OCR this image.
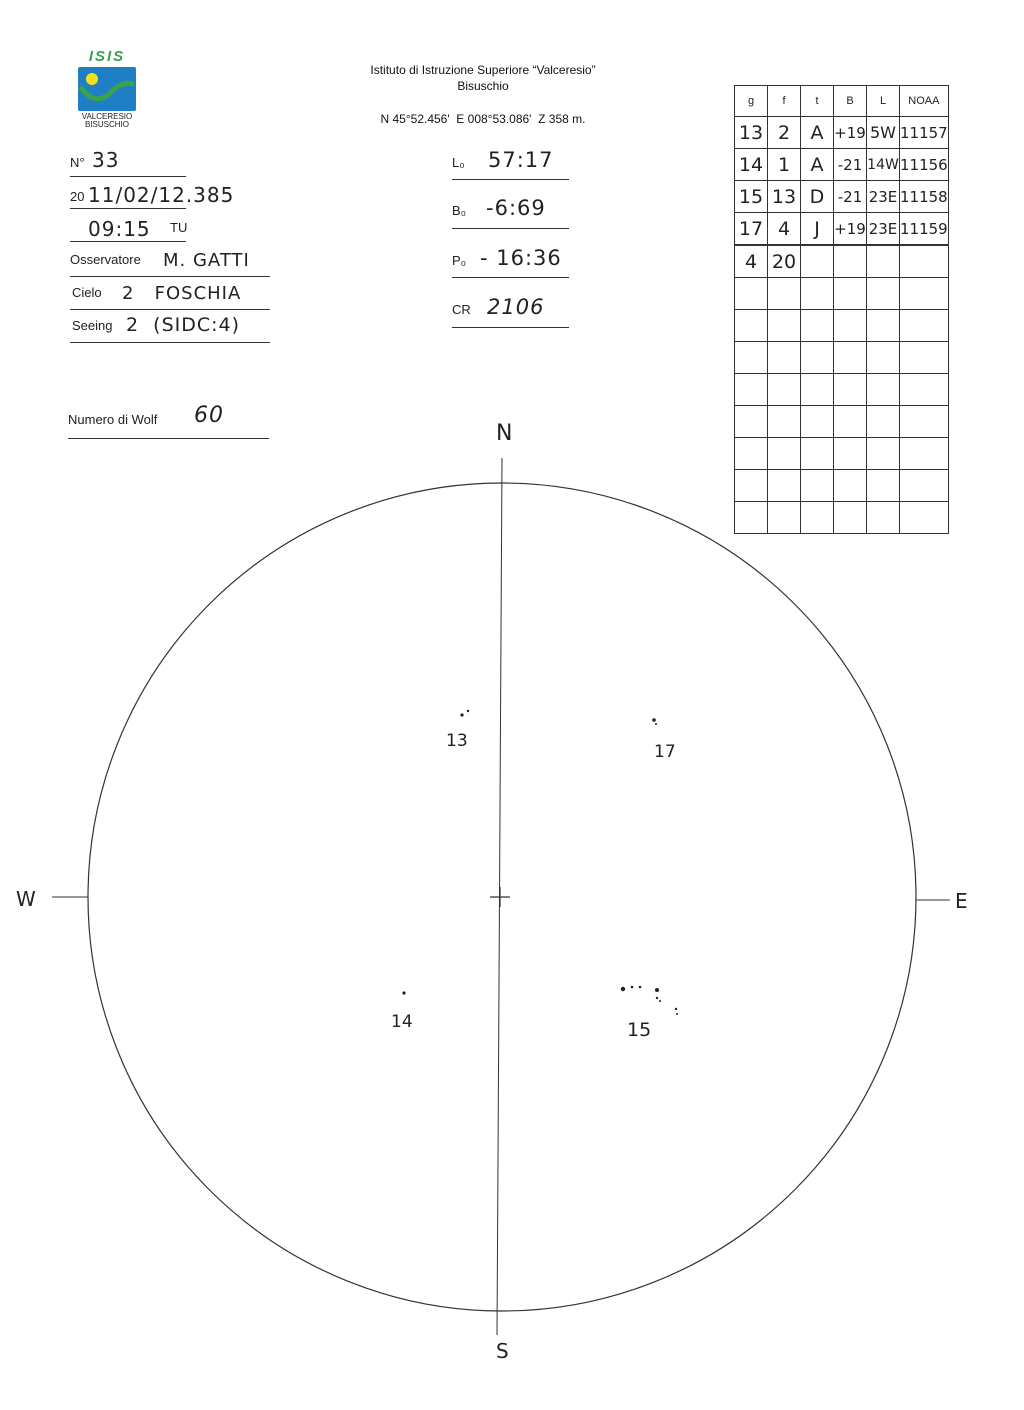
ISIS
VALCERESIO
BISUSCHIO
Istituto di Istruzione Superiore “Valceresio”
Bisuschio
N 45°52.456'  E 008°53.086'  Z 358 m.
N° 33
20 11/02/12.385
09:15 TU
Osservatore M. GATTI
Cielo 2   FOSCHIA
Seeing 2  (SIDC:4)
Numero di Wolf 60
L₀ 57:17
B₀ -6:69
P₀ - 16:36
CR 2106
g	f	t	B	L	NOAA
13	2	A	+19	5W	11157
14	1	A	-21	14W	11156
15	13	D	-21	23E	11158
17	4	J	+19	23E	11159
4	20				

N
S
W	E
13
17
14	15
